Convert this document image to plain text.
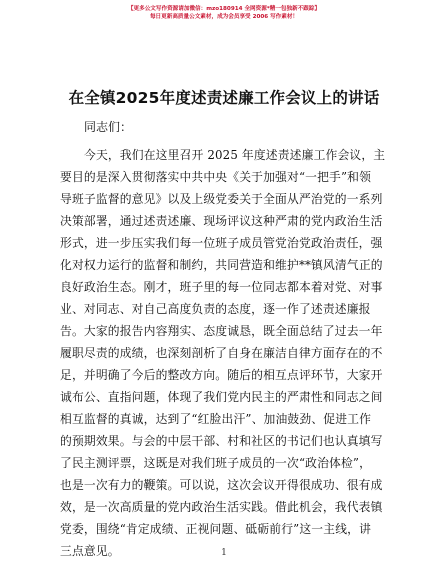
【更多公文写作资源请加微信：mzo180914 全网资源*精一包独新不跟踪】
每日更新高质量公文素材，成为会员享受 2006 写作素材！
在全镇2025年度述责述廉工作会议上的讲话
同志们：
今天，我们在这里召开 2025 年度述责述廉工作会议，主
要目的是深入贯彻落实中共中央《关于加强对“一把手”和领
导班子监督的意见》以及上级党委关于全面从严治党的一系列
决策部署，通过述责述廉、现场评议这种严肃的党内政治生活
形式，进一步压实我们每一位班子成员管党治党政治责任，强
化对权力运行的监督和制约，共同营造和维护**镇风清气正的
良好政治生态。刚才，班子里的每一位同志都本着对党、对事
业、对同志、对自己高度负责的态度，逐一作了述责述廉报
告。大家的报告内容翔实、态度诚恳，既全面总结了过去一年
履职尽责的成绩，也深刻剖析了自身在廉洁自律方面存在的不
足，并明确了今后的整改方向。随后的相互点评环节，大家开
诚布公、直指问题，体现了我们党内民主的严肃性和同志之间
相互监督的真诚，达到了“红脸出汗”、加油鼓劲、促进工作
的预期效果。与会的中层干部、村和社区的书记们也认真填写
了民主测评票，这既是对我们班子成员的一次“政治体检”，
也是一次有力的鞭策。可以说，这次会议开得很成功、很有成
效，是一次高质量的党内政治生活实践。借此机会，我代表镇
党委，围绕“肯定成绩、正视问题、砥砺前行”这一主线，讲
三点意见。	1
